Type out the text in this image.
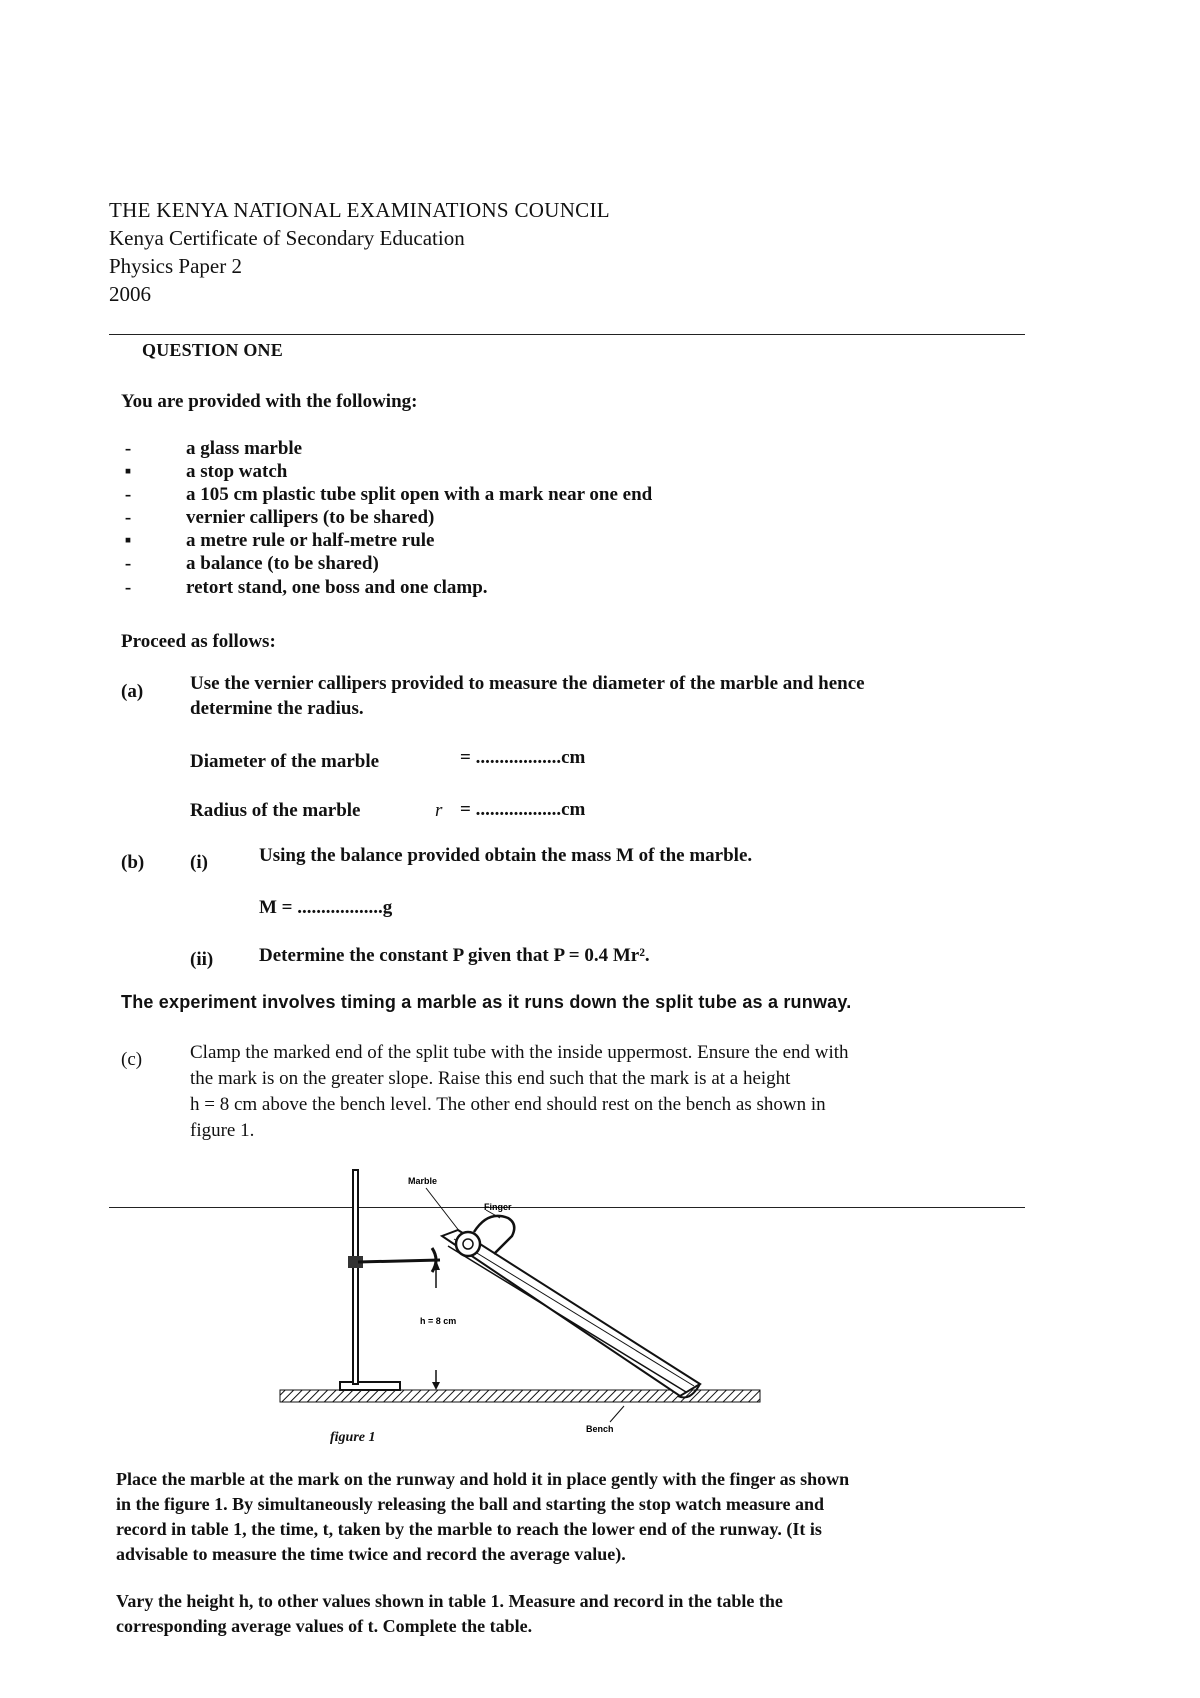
THE KENYA NATIONAL EXAMINATIONS COUNCIL
Kenya Certificate of Secondary Education
Physics Paper 2
2006
QUESTION ONE
You are provided with the following:
-	a glass marble
▪	a stop watch
-	a 105 cm plastic tube split open with a mark near one end
-	vernier callipers (to be shared)
▪	a metre rule or half-metre rule
-	a balance (to be shared)
-	retort stand, one boss and one clamp.
Proceed as follows:
(a) Use the vernier callipers provided to measure the diameter of the marble and hence
determine the radius.
Diameter of the marble	= ..................cm
Radius of the marble	r = ..................cm
(b) (i)	Using the balance provided obtain the mass M of the marble.
M = ..................g
(ii) Determine the constant P given that P = 0.4 Mr².
The experiment involves timing a marble as it runs down the split tube as a runway.
(c)	Clamp the marked end of the split tube with the inside uppermost. Ensure the end with
the mark is on the greater slope. Raise this end such that the mark is at a height
h = 8 cm above the bench level. The other end should rest on the bench as shown in
figure 1.
Marble
Finger
h = 8 cm
Bench
figure 1
Place the marble at the mark on the runway and hold it in place gently with the finger as shown
in the figure 1. By simultaneously releasing the ball and starting the stop watch measure and
record in table 1, the time, t, taken by the marble to reach the lower end of the runway. (It is
advisable to measure the time twice and record the average value).
Vary the height h, to other values shown in table 1. Measure and record in the table the
corresponding average values of t. Complete the table.
